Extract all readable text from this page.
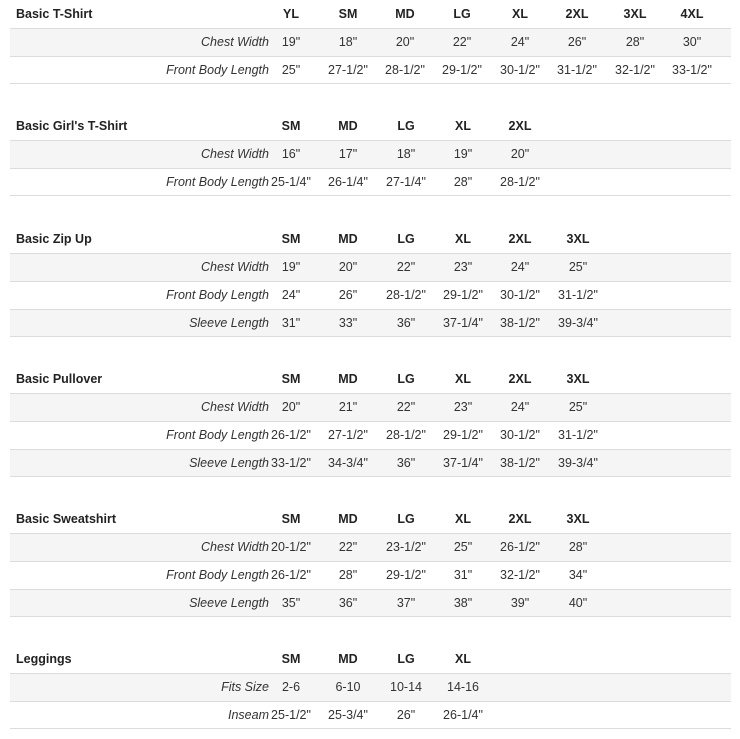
Basic T-Shirt	YL	SM	MD	LG	XL	2XL	3XL	4XL
Chest Width	19"	18"	20"	22"	24"	26"	28"	30"
Front Body Length	25"	27-1/2"	28-1/2"	29-1/2"	30-1/2"	31-1/2"	32-1/2"	33-1/2"
Basic Girl's T-Shirt	SM	MD	LG	XL	2XL
Chest Width	16"	17"	18"	19"	20"
Front Body Length 25-1/4"	26-1/4"	27-1/4"	28"	28-1/2"
Basic Zip Up	SM	MD	LG	XL	2XL	3XL
Chest Width	19"	20"	22"	23"	24"	25"
Front Body Length	24"	26"	28-1/2"	29-1/2"	30-1/2"	31-1/2"
Sleeve Length	31"	33"	36"	37-1/4"	38-1/2"	39-3/4"
Basic Pullover	SM	MD	LG	XL	2XL	3XL
Chest Width	20"	21"	22"	23"	24"	25"
Front Body Length 26-1/2"	27-1/2"	28-1/2"	29-1/2"	30-1/2"	31-1/2"
Sleeve Length 33-1/2"	34-3/4"	36"	37-1/4"	38-1/2"	39-3/4"
Basic Sweatshirt	SM	MD	LG	XL	2XL	3XL
Chest Width 20-1/2"	22"	23-1/2"	25"	26-1/2"	28"
Front Body Length 26-1/2"	28"	29-1/2"	31"	32-1/2"	34"
Sleeve Length	35"	36"	37"	38"	39"	40"
Leggings	SM	MD	LG	XL
Fits Size	2-6	6-10	10-14	14-16
Inseam 25-1/2"	25-3/4"	26"	26-1/4"
